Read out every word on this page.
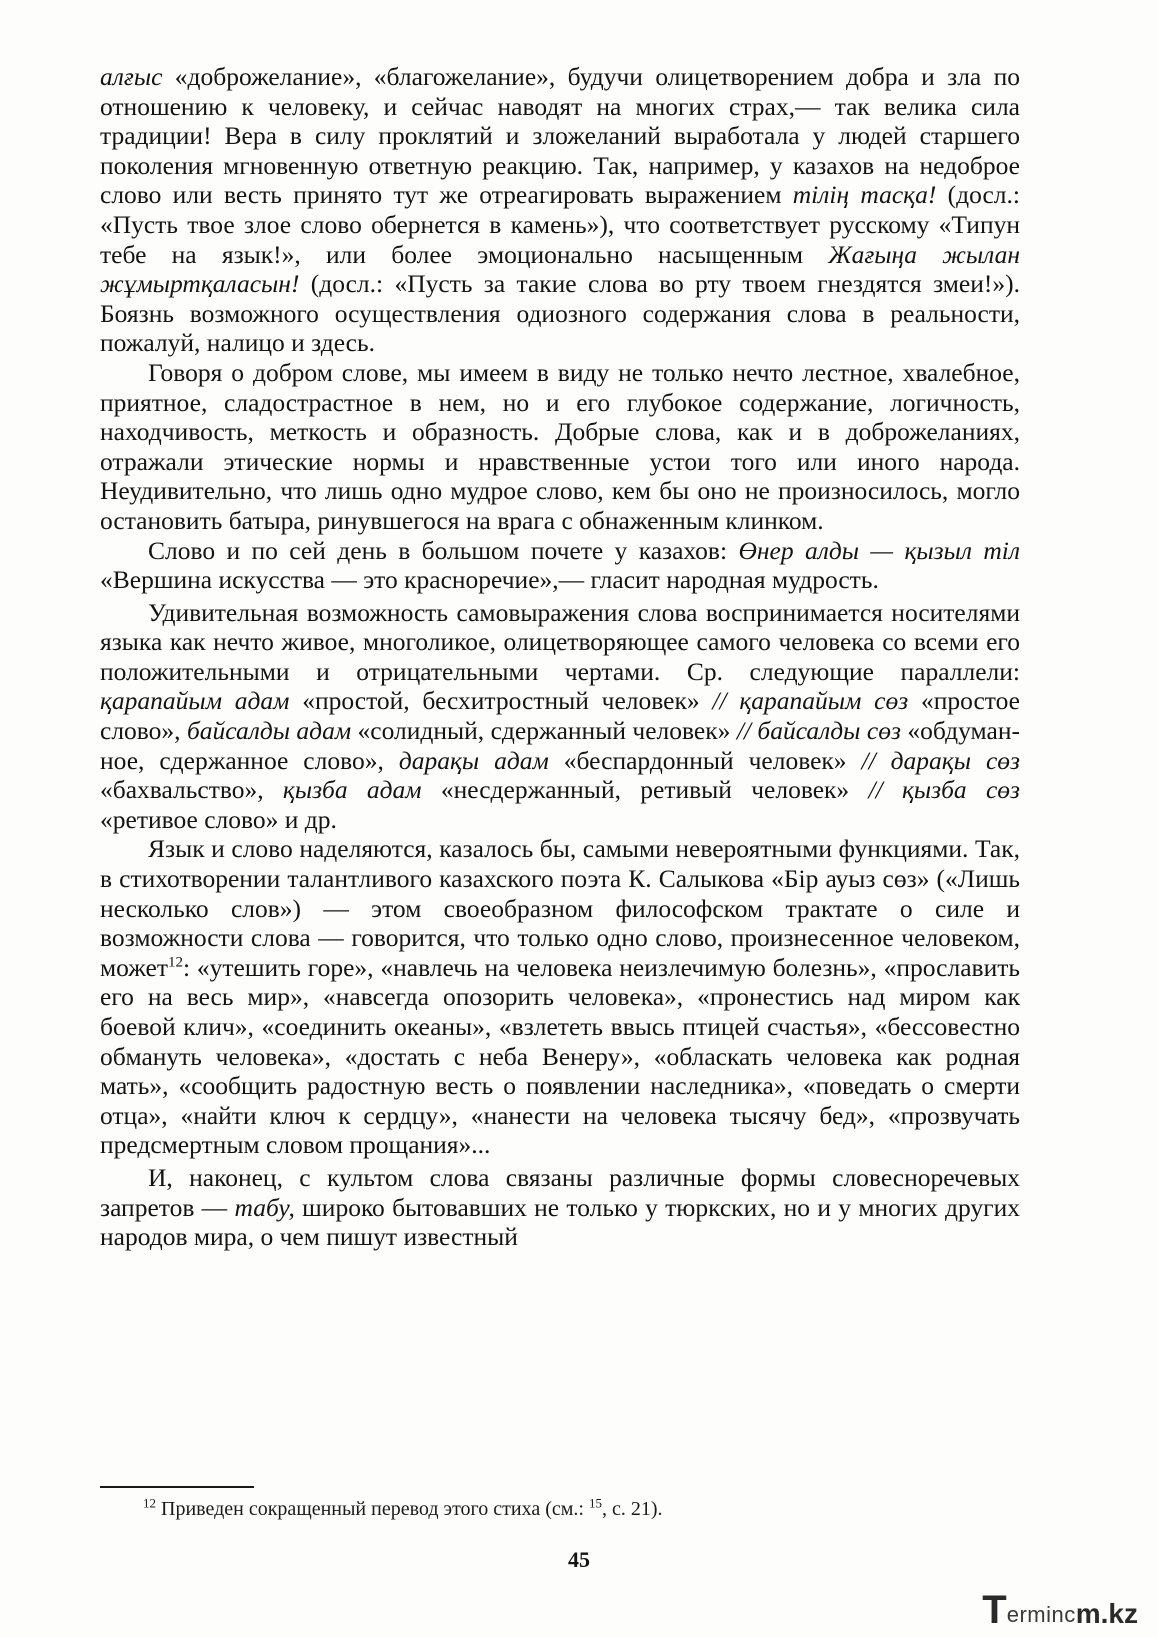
алғыс «доброжелание», «благожелание», будучи олицетворением добра и зла по отношению к человеку, и сейчас наводят на многих страх,— так велика сила традиции! Вера в силу проклятий и зложеланий выработала у людей старшего поколения мгновенную ответную реакцию. Так, например, у казахов на недоброе слово или весть принято тут же отреагировать выражением тілің тасқа! (досл.: «Пусть твое злое слово обернется в камень»), что соответствует русскому «Типун тебе на язык!», или более эмоционально насыщенным Жағыңа жылан жұмыртқаласын! (досл.: «Пусть за такие слова во рту твоем гнездятся змеи!»). Боязнь возможного осуществления одиозного содержания слова в реальности, пожалуй, налицо и здесь.

Говоря о добром слове, мы имеем в виду не только нечто лестное, хвалебное, приятное, сладострастное в нем, но и его глубокое содержание, логичность, находчивость, меткость и образность. Добрые слова, как и в доброжеланиях, отражали этические нормы и нравственные устои того или иного народа. Неудивительно, что лишь одно мудрое слово, кем бы оно не произносилось, могло остановить батыра, ринувшегося на врага с обнаженным клинком.

Слово и по сей день в большом почете у казахов: Өнер алды — қызыл тіл «Вершина искусства — это красноречие»,— гласит народная мудрость.

Удивительная возможность самовыражения слова воспринимается носителями языка как нечто живое, многоликое, олицетворяющее самого человека со всеми его положительными и отрицательными чертами. Ср. следующие параллели: қарапайым адам «простой, бесхитростный человек» // қарапайым сөз «простое слово», байсалды адам «солидный, сдержанный человек» // байсалды сөз «обдуманное, сдержанное слово», дарақы адам «беспардонный человек» // дарақы сөз «бахвальство», қызба адам «несдержанный, ретивый человек» // қызба сөз «ретивое слово» и др.

Язык и слово наделяются, казалось бы, самыми невероятными функциями. Так, в стихотворении талантливого казахского поэта К. Салыкова «Бір ауыз сөз» («Лишь несколько слов») — этом своеобразном философском трактате о силе и возможности слова — говорится, что только одно слово, произнесенное человеком, может$^{12}$: «утешить горе», «навлечь на человека неизлечимую болезнь», «прославить его на весь мир», «навсегда опозорить человека», «пронестись над миром как боевой клич», «соединить океаны», «взлететь ввысь птицей счастья», «бессовестно обмануть человека», «достать с неба Венеру», «обласкать человека как родная мать», «сообщить радостную весть о появлении наследника», «поведать о смерти отца», «найти ключ к сердцу», «нанести на человека тысячу бед», «прозвучать предсмертным словом прощания»...

И, наконец, с культом слова связаны различные формы словесноречевых запретов — табу, широко бытовавших не только у тюркских, но и у многих других народов мира, о чем пишут известный

$^{12}$ Приведен сокращенный перевод этого стиха (см.: $^{15}$, с. 21).
45
T erminc m.kz
